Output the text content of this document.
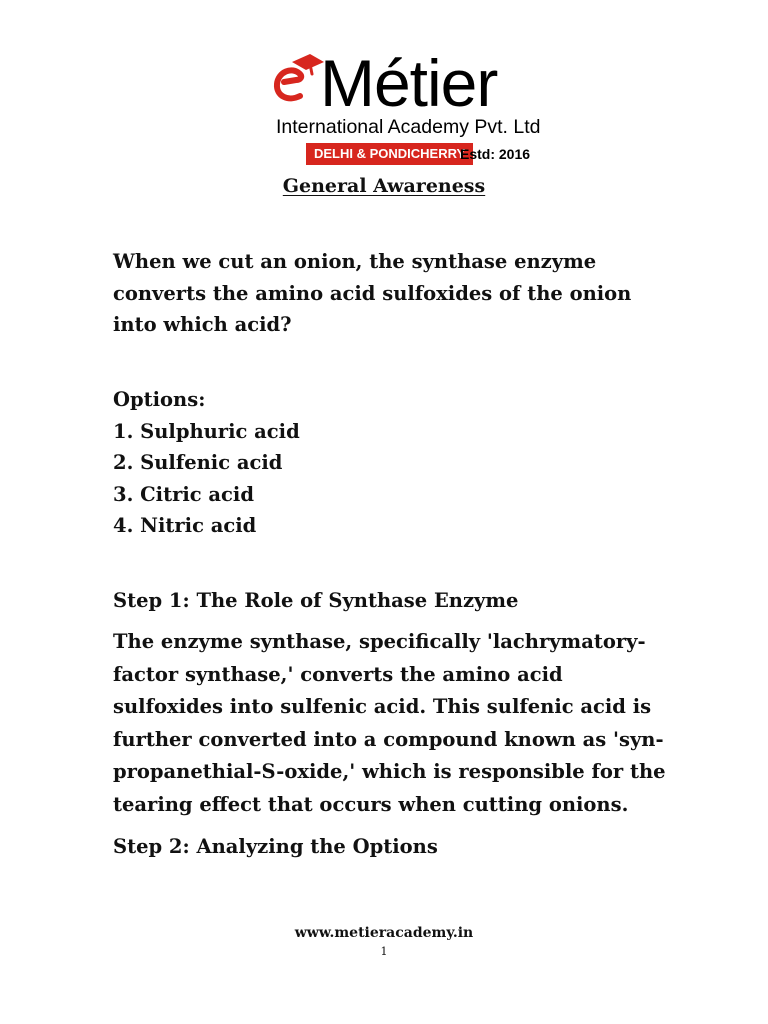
Métier
International Academy Pvt. Ltd
DELHI & PONDICHERRY
Estd: 2016
General Awareness
When we cut an onion, the synthase enzyme converts the amino acid sulfoxides of the onion into which acid?
Options:
1. Sulphuric acid
2. Sulfenic acid
3. Citric acid
4. Nitric acid
Step 1: The Role of Synthase Enzyme
The enzyme synthase, specifically 'lachrymatory-factor synthase,' converts the amino acid sulfoxides into sulfenic acid. This sulfenic acid is further converted into a compound known as 'syn-propanethial-S-oxide,' which is responsible for the tearing effect that occurs when cutting onions.
Step 2: Analyzing the Options
www.metieracademy.in
1
